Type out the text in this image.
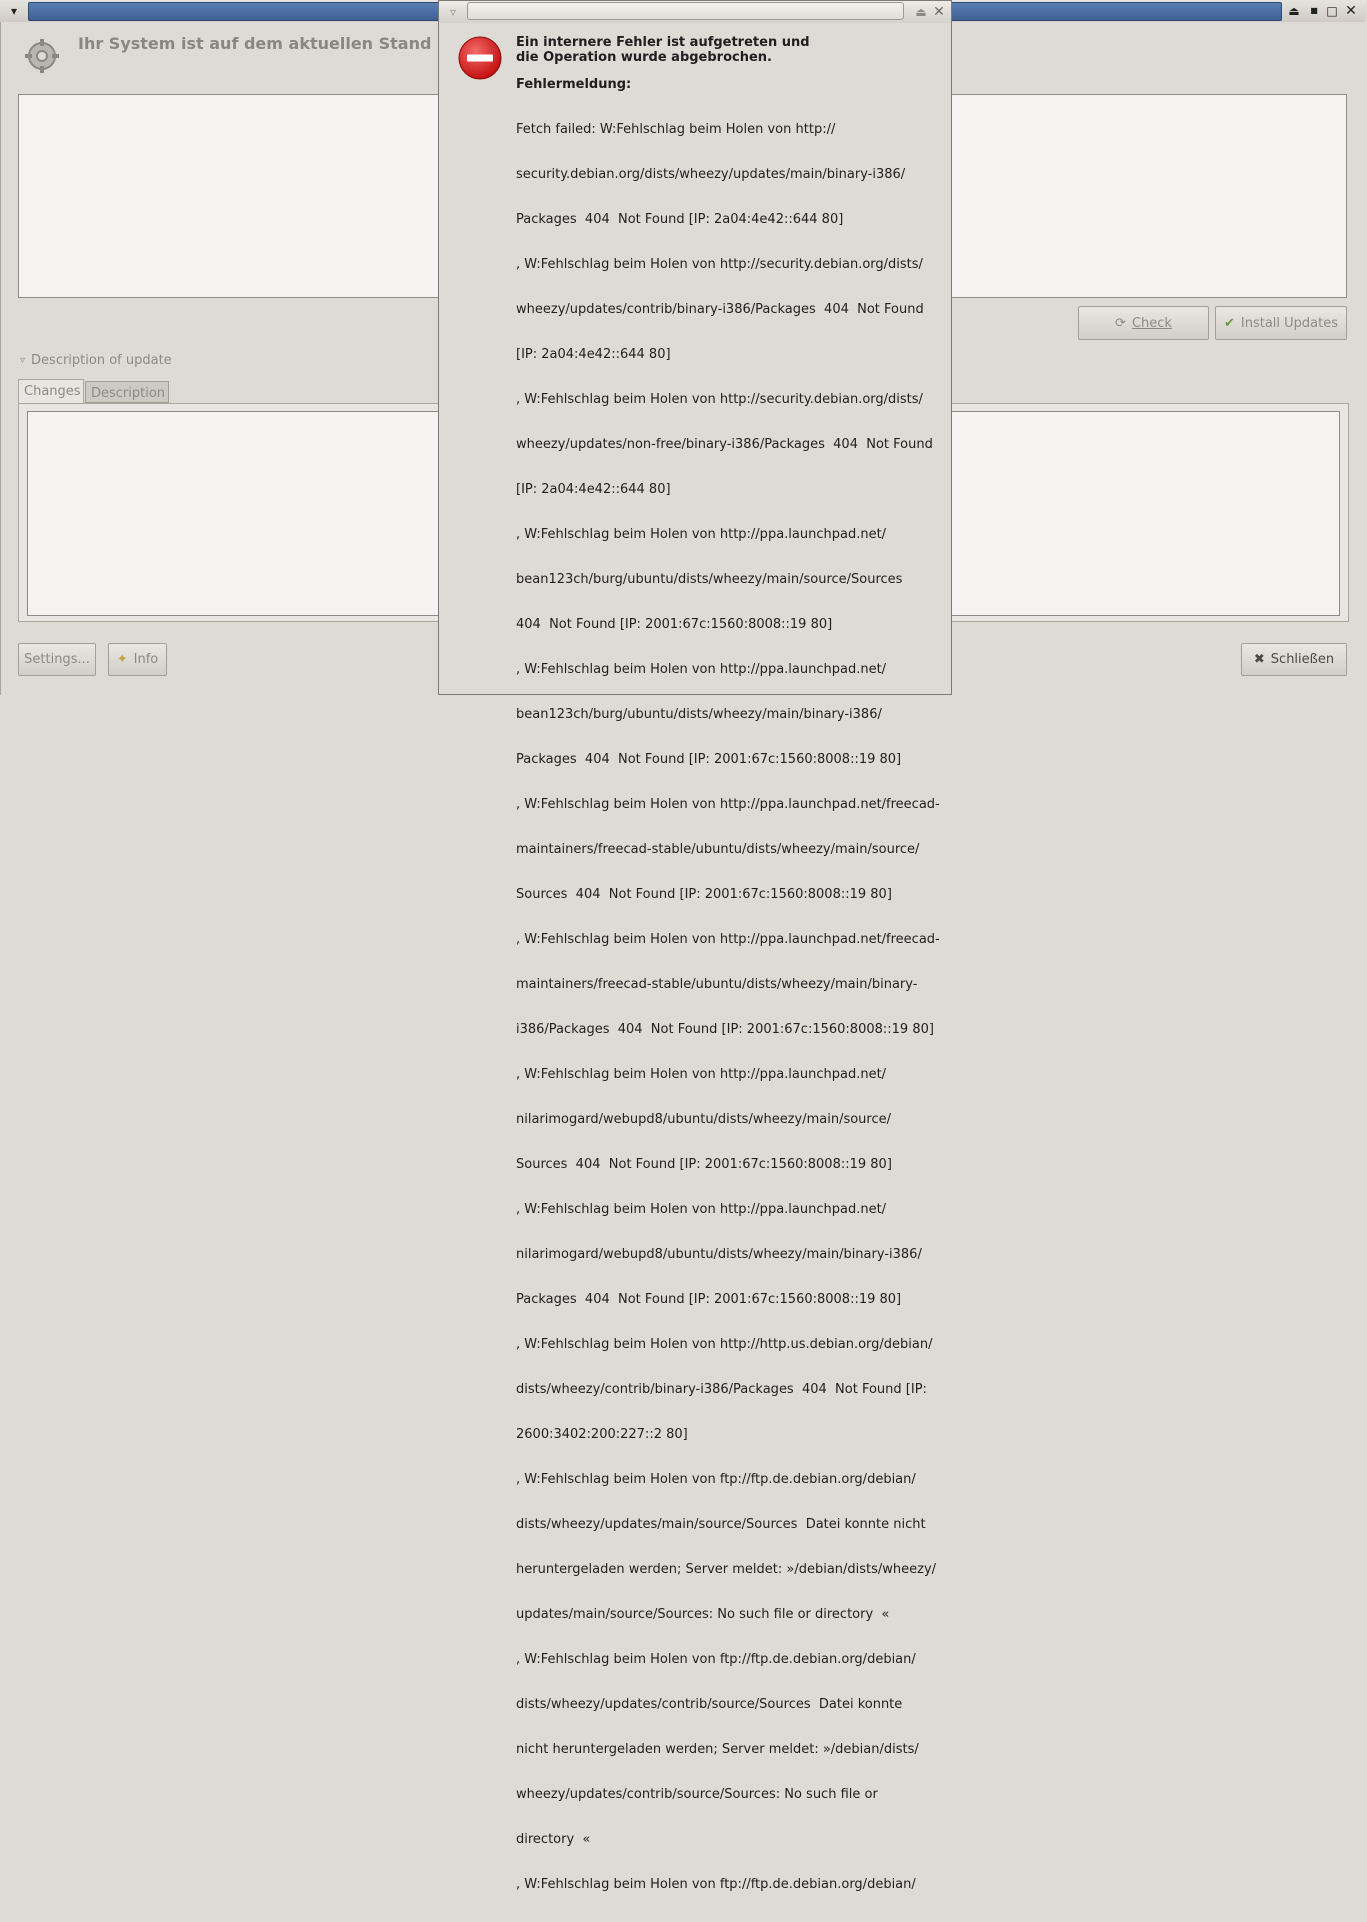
▾	⏏	■ □ ✕
Ihr System ist auf dem aktuellen Stand
⟳ Check	✔ Install Updates
▿ Description of update
Changes Description
Settings... ✦ Info	✖ Schließen
▿	⏏ ✕
Ein internere Fehler ist aufgetreten und
die Operation wurde abgebrochen.
Fehlermeldung:

Fetch failed: W:Fehlschlag beim Holen von http://

security.debian.org/dists/wheezy/updates/main/binary-i386/

Packages  404  Not Found [IP: 2a04:4e42::644 80]

, W:Fehlschlag beim Holen von http://security.debian.org/dists/

wheezy/updates/contrib/binary-i386/Packages  404  Not Found

[IP: 2a04:4e42::644 80]

, W:Fehlschlag beim Holen von http://security.debian.org/dists/

wheezy/updates/non-free/binary-i386/Packages  404  Not Found

[IP: 2a04:4e42::644 80]

, W:Fehlschlag beim Holen von http://ppa.launchpad.net/

bean123ch/burg/ubuntu/dists/wheezy/main/source/Sources

404  Not Found [IP: 2001:67c:1560:8008::19 80]

, W:Fehlschlag beim Holen von http://ppa.launchpad.net/

bean123ch/burg/ubuntu/dists/wheezy/main/binary-i386/

Packages  404  Not Found [IP: 2001:67c:1560:8008::19 80]

, W:Fehlschlag beim Holen von http://ppa.launchpad.net/freecad-

maintainers/freecad-stable/ubuntu/dists/wheezy/main/source/

Sources  404  Not Found [IP: 2001:67c:1560:8008::19 80]

, W:Fehlschlag beim Holen von http://ppa.launchpad.net/freecad-

maintainers/freecad-stable/ubuntu/dists/wheezy/main/binary-

i386/Packages  404  Not Found [IP: 2001:67c:1560:8008::19 80]

, W:Fehlschlag beim Holen von http://ppa.launchpad.net/

nilarimogard/webupd8/ubuntu/dists/wheezy/main/source/

Sources  404  Not Found [IP: 2001:67c:1560:8008::19 80]

, W:Fehlschlag beim Holen von http://ppa.launchpad.net/

nilarimogard/webupd8/ubuntu/dists/wheezy/main/binary-i386/

Packages  404  Not Found [IP: 2001:67c:1560:8008::19 80]

, W:Fehlschlag beim Holen von http://http.us.debian.org/debian/

dists/wheezy/contrib/binary-i386/Packages  404  Not Found [IP:

2600:3402:200:227::2 80]

, W:Fehlschlag beim Holen von ftp://ftp.de.debian.org/debian/

dists/wheezy/updates/main/source/Sources  Datei konnte nicht

heruntergeladen werden; Server meldet: »/debian/dists/wheezy/

updates/main/source/Sources: No such file or directory  «

, W:Fehlschlag beim Holen von ftp://ftp.de.debian.org/debian/

dists/wheezy/updates/contrib/source/Sources  Datei konnte

nicht heruntergeladen werden; Server meldet: »/debian/dists/

wheezy/updates/contrib/source/Sources: No such file or

directory  «

, W:Fehlschlag beim Holen von ftp://ftp.de.debian.org/debian/
